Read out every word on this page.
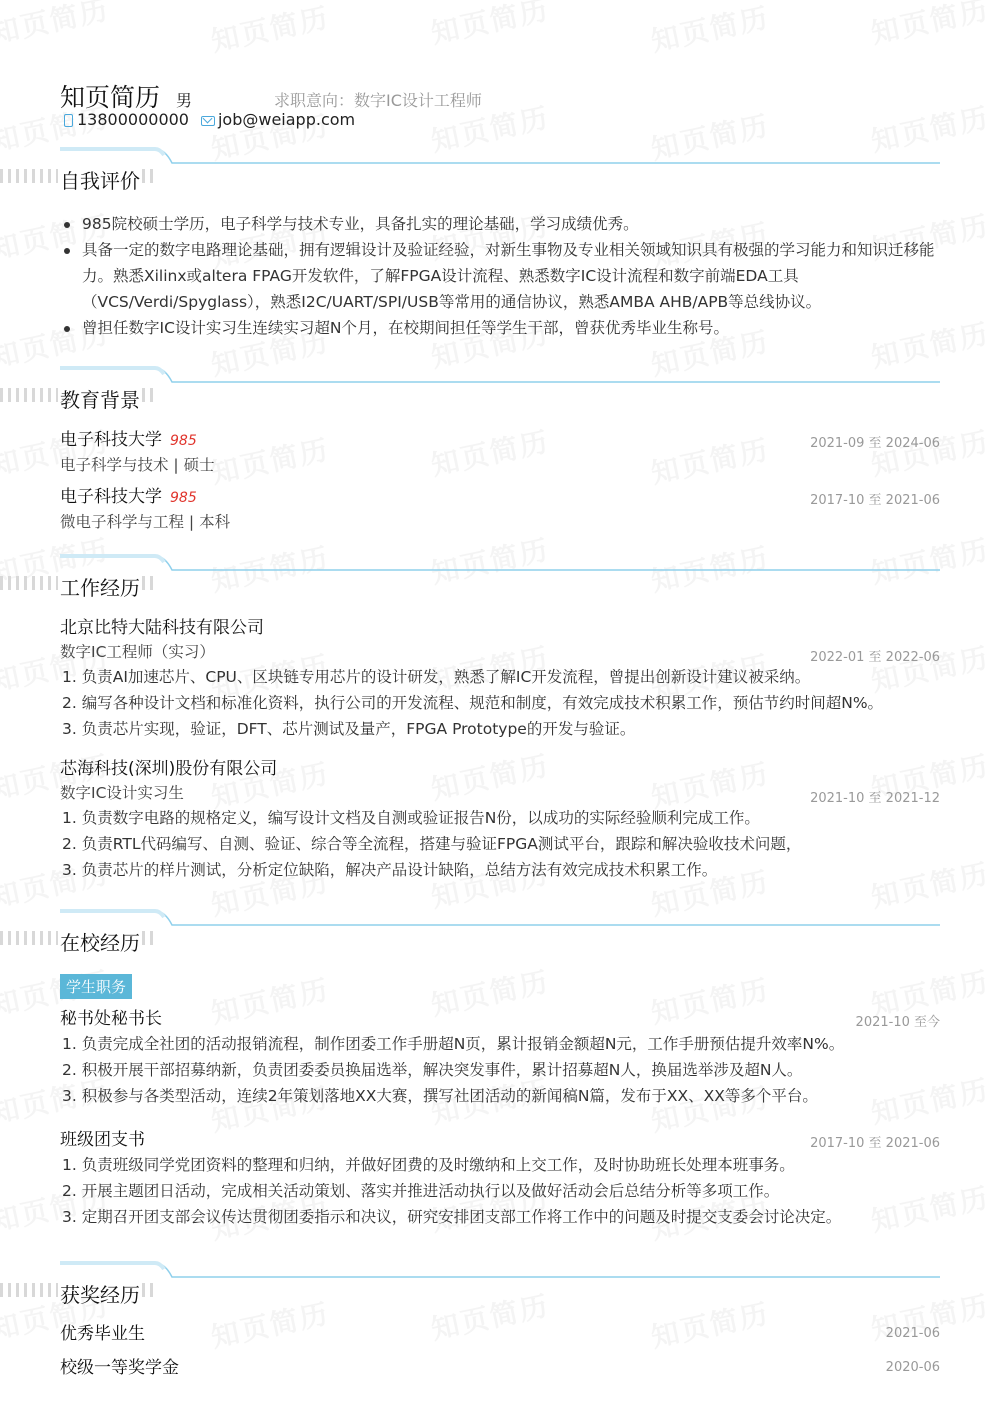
知页简历 男	求职意向：数字IC设计工程师
13800000000 job@weiapp.com
自我评价
985院校硕士学历，电子科学与技术专业，具备扎实的理论基础，学习成绩优秀。
具备一定的数字电路理论基础，拥有逻辑设计及验证经验，对新生事物及专业相关领域知识具有极强的学习能力和知识迁移能力。熟悉Xilinx或altera FPAG开发软件，了解FPGA设计流程、熟悉数字IC设计流程和数字前端EDA工具（VCS/Verdi/Spyglass），熟悉I2C/UART/SPI/USB等常用的通信协议，熟悉AMBA AHB/APB等总线协议。
曾担任数字IC设计实习生连续实习超N个月，在校期间担任等学生干部，曾获优秀毕业生称号。
教育背景
电子科技大学 985	2021-09 至 2024-06
电子科学与技术 | 硕士
电子科技大学 985	2017-10 至 2021-06
微电子科学与工程 | 本科
工作经历
北京比特大陆科技有限公司
2022-01 至 2022-06
数字IC工程师（实习）
1. 负责AI加速芯片、CPU、区块链专用芯片的设计研发，熟悉了解IC开发流程，曾提出创新设计建议被采纳。
2. 编写各种设计文档和标准化资料，执行公司的开发流程、规范和制度，有效完成技术积累工作，预估节约时间超N%。
3. 负责芯片实现，验证，DFT、芯片测试及量产，FPGA Prototype的开发与验证。
芯海科技(深圳)股份有限公司
2021-10 至 2021-12
数字IC设计实习生
1. 负责数字电路的规格定义，编写设计文档及自测或验证报告N份，以成功的实际经验顺利完成工作。
2. 负责RTL代码编写、自测、验证、综合等全流程，搭建与验证FPGA测试平台，跟踪和解决验收技术问题，
3. 负责芯片的样片测试，分析定位缺陷，解决产品设计缺陷，总结方法有效完成技术积累工作。
在校经历
学生职务
秘书处秘书长	2021-10 至今
1. 负责完成全社团的活动报销流程，制作团委工作手册超N页，累计报销金额超N元，工作手册预估提升效率N%。
2. 积极开展干部招募纳新，负责团委委员换届选举，解决突发事件，累计招募超N人，换届选举涉及超N人。
3. 积极参与各类型活动，连续2年策划落地XX大赛，撰写社团活动的新闻稿N篇，发布于XX、XX等多个平台。
班级团支书	2017-10 至 2021-06
1. 负责班级同学党团资料的整理和归纳，并做好团费的及时缴纳和上交工作，及时协助班长处理本班事务。
2. 开展主题团日活动，完成相关活动策划、落实并推进活动执行以及做好活动会后总结分析等多项工作。
3. 定期召开团支部会议传达贯彻团委指示和决议，研究安排团支部工作将工作中的问题及时提交支委会讨论决定。
获奖经历
优秀毕业生	2021-06
校级一等奖学金	2020-06
